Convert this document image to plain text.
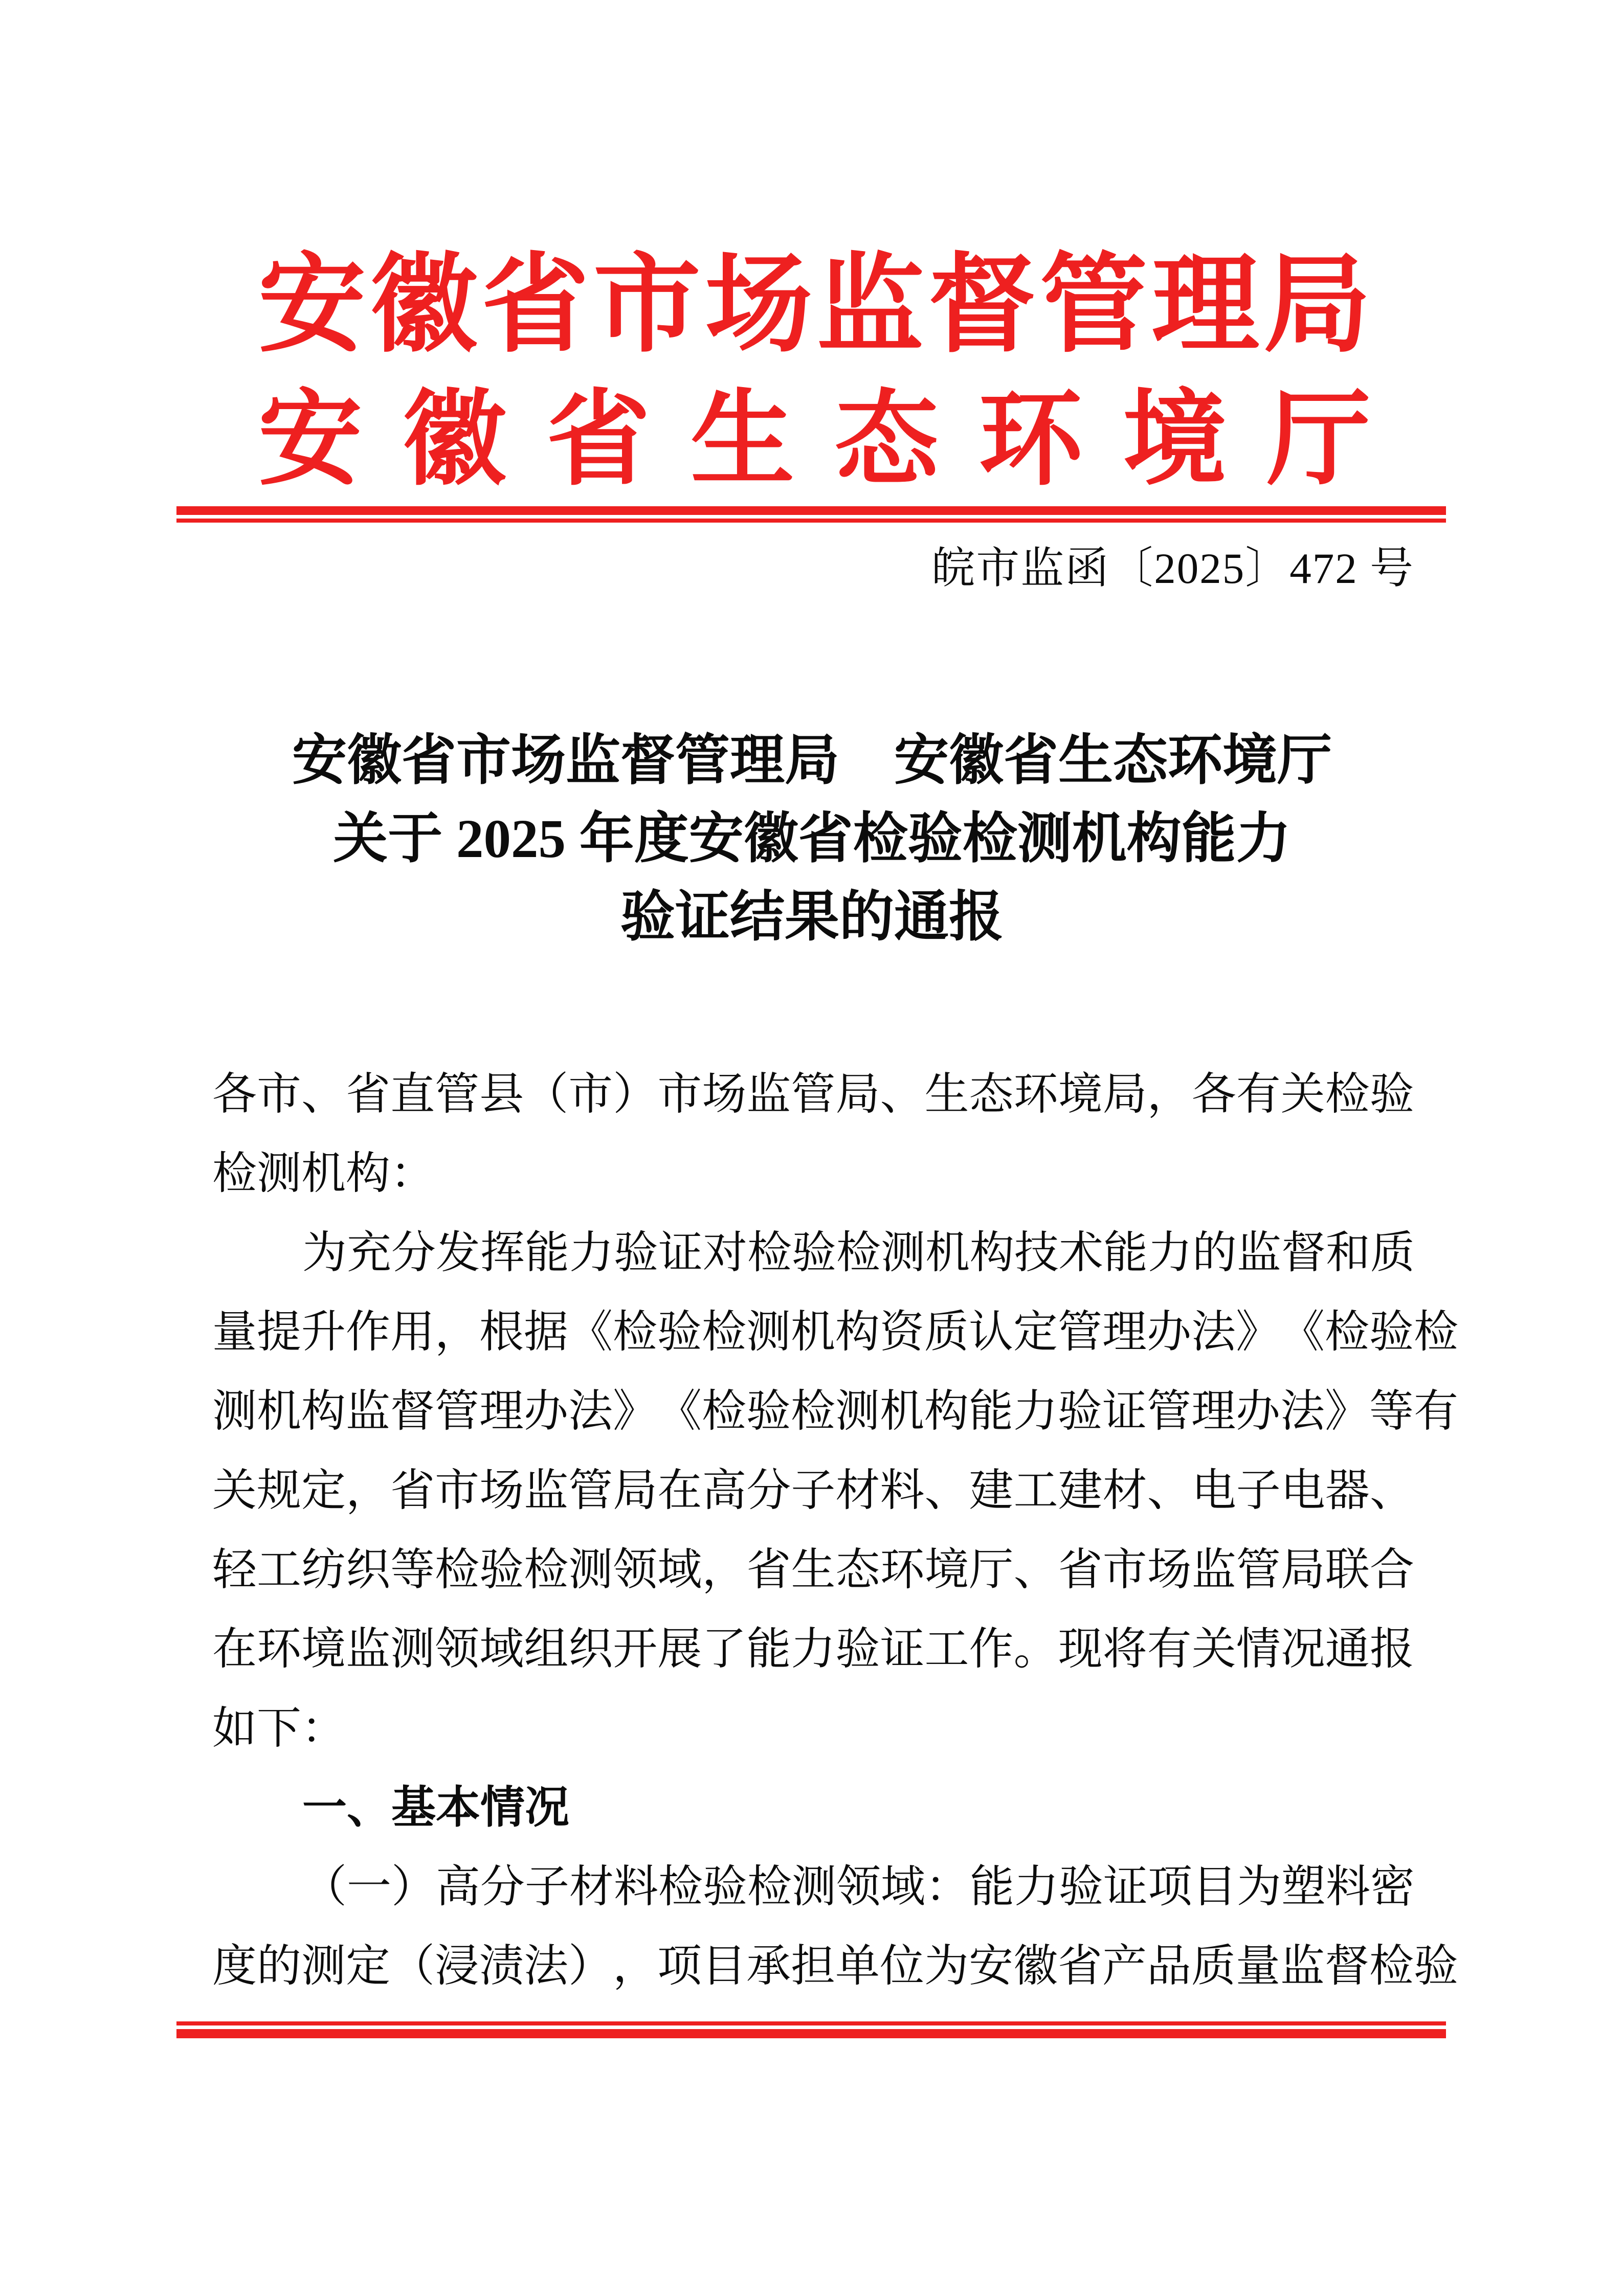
安 徽 省 市 场 监 督 管 理 局
安 徽 省 生 态 环 境 厅
皖市监函〔2025〕472 号
安徽省市场监督管理局　安徽省生态环境厅
关于 2025 年度安徽省检验检测机构能力
验证结果的通报
各 市 、 省 直 管 县 （ 市 ） 市 场 监 管 局 、 生 态 环 境 局 ， 各 有 关 检 验
检测机构：
为 充 分 发 挥 能 力 验 证 对 检 验 检 测 机 构 技 术 能 力 的 监 督 和 质
量 提 升 作 用 ， 根 据 《 检 验 检 测 机 构 资 质 认 定 管 理 办 法 》 《 检 验 检
测 机 构 监 督 管 理 办 法 》 《 检 验 检 测 机 构 能 力 验 证 管 理 办 法 》 等 有
关 规 定 ， 省 市 场 监 管 局 在 高 分 子 材 料 、 建 工 建 材 、 电 子 电 器 、
轻 工 纺 织 等 检 验 检 测 领 域 ， 省 生 态 环 境 厅 、 省 市 场 监 管 局 联 合
在 环 境 监 测 领 域 组 织 开 展 了 能 力 验 证 工 作 。 现 将 有 关 情 况 通 报
如下：
一、基本情况
（ 一 ） 高 分 子 材 料 检 验 检 测 领 域 ： 能 力 验 证 项 目 为 塑 料 密
度 的 测 定 （ 浸 渍 法 ） ， 项 目 承 担 单 位 为 安 徽 省 产 品 质 量 监 督 检 验
